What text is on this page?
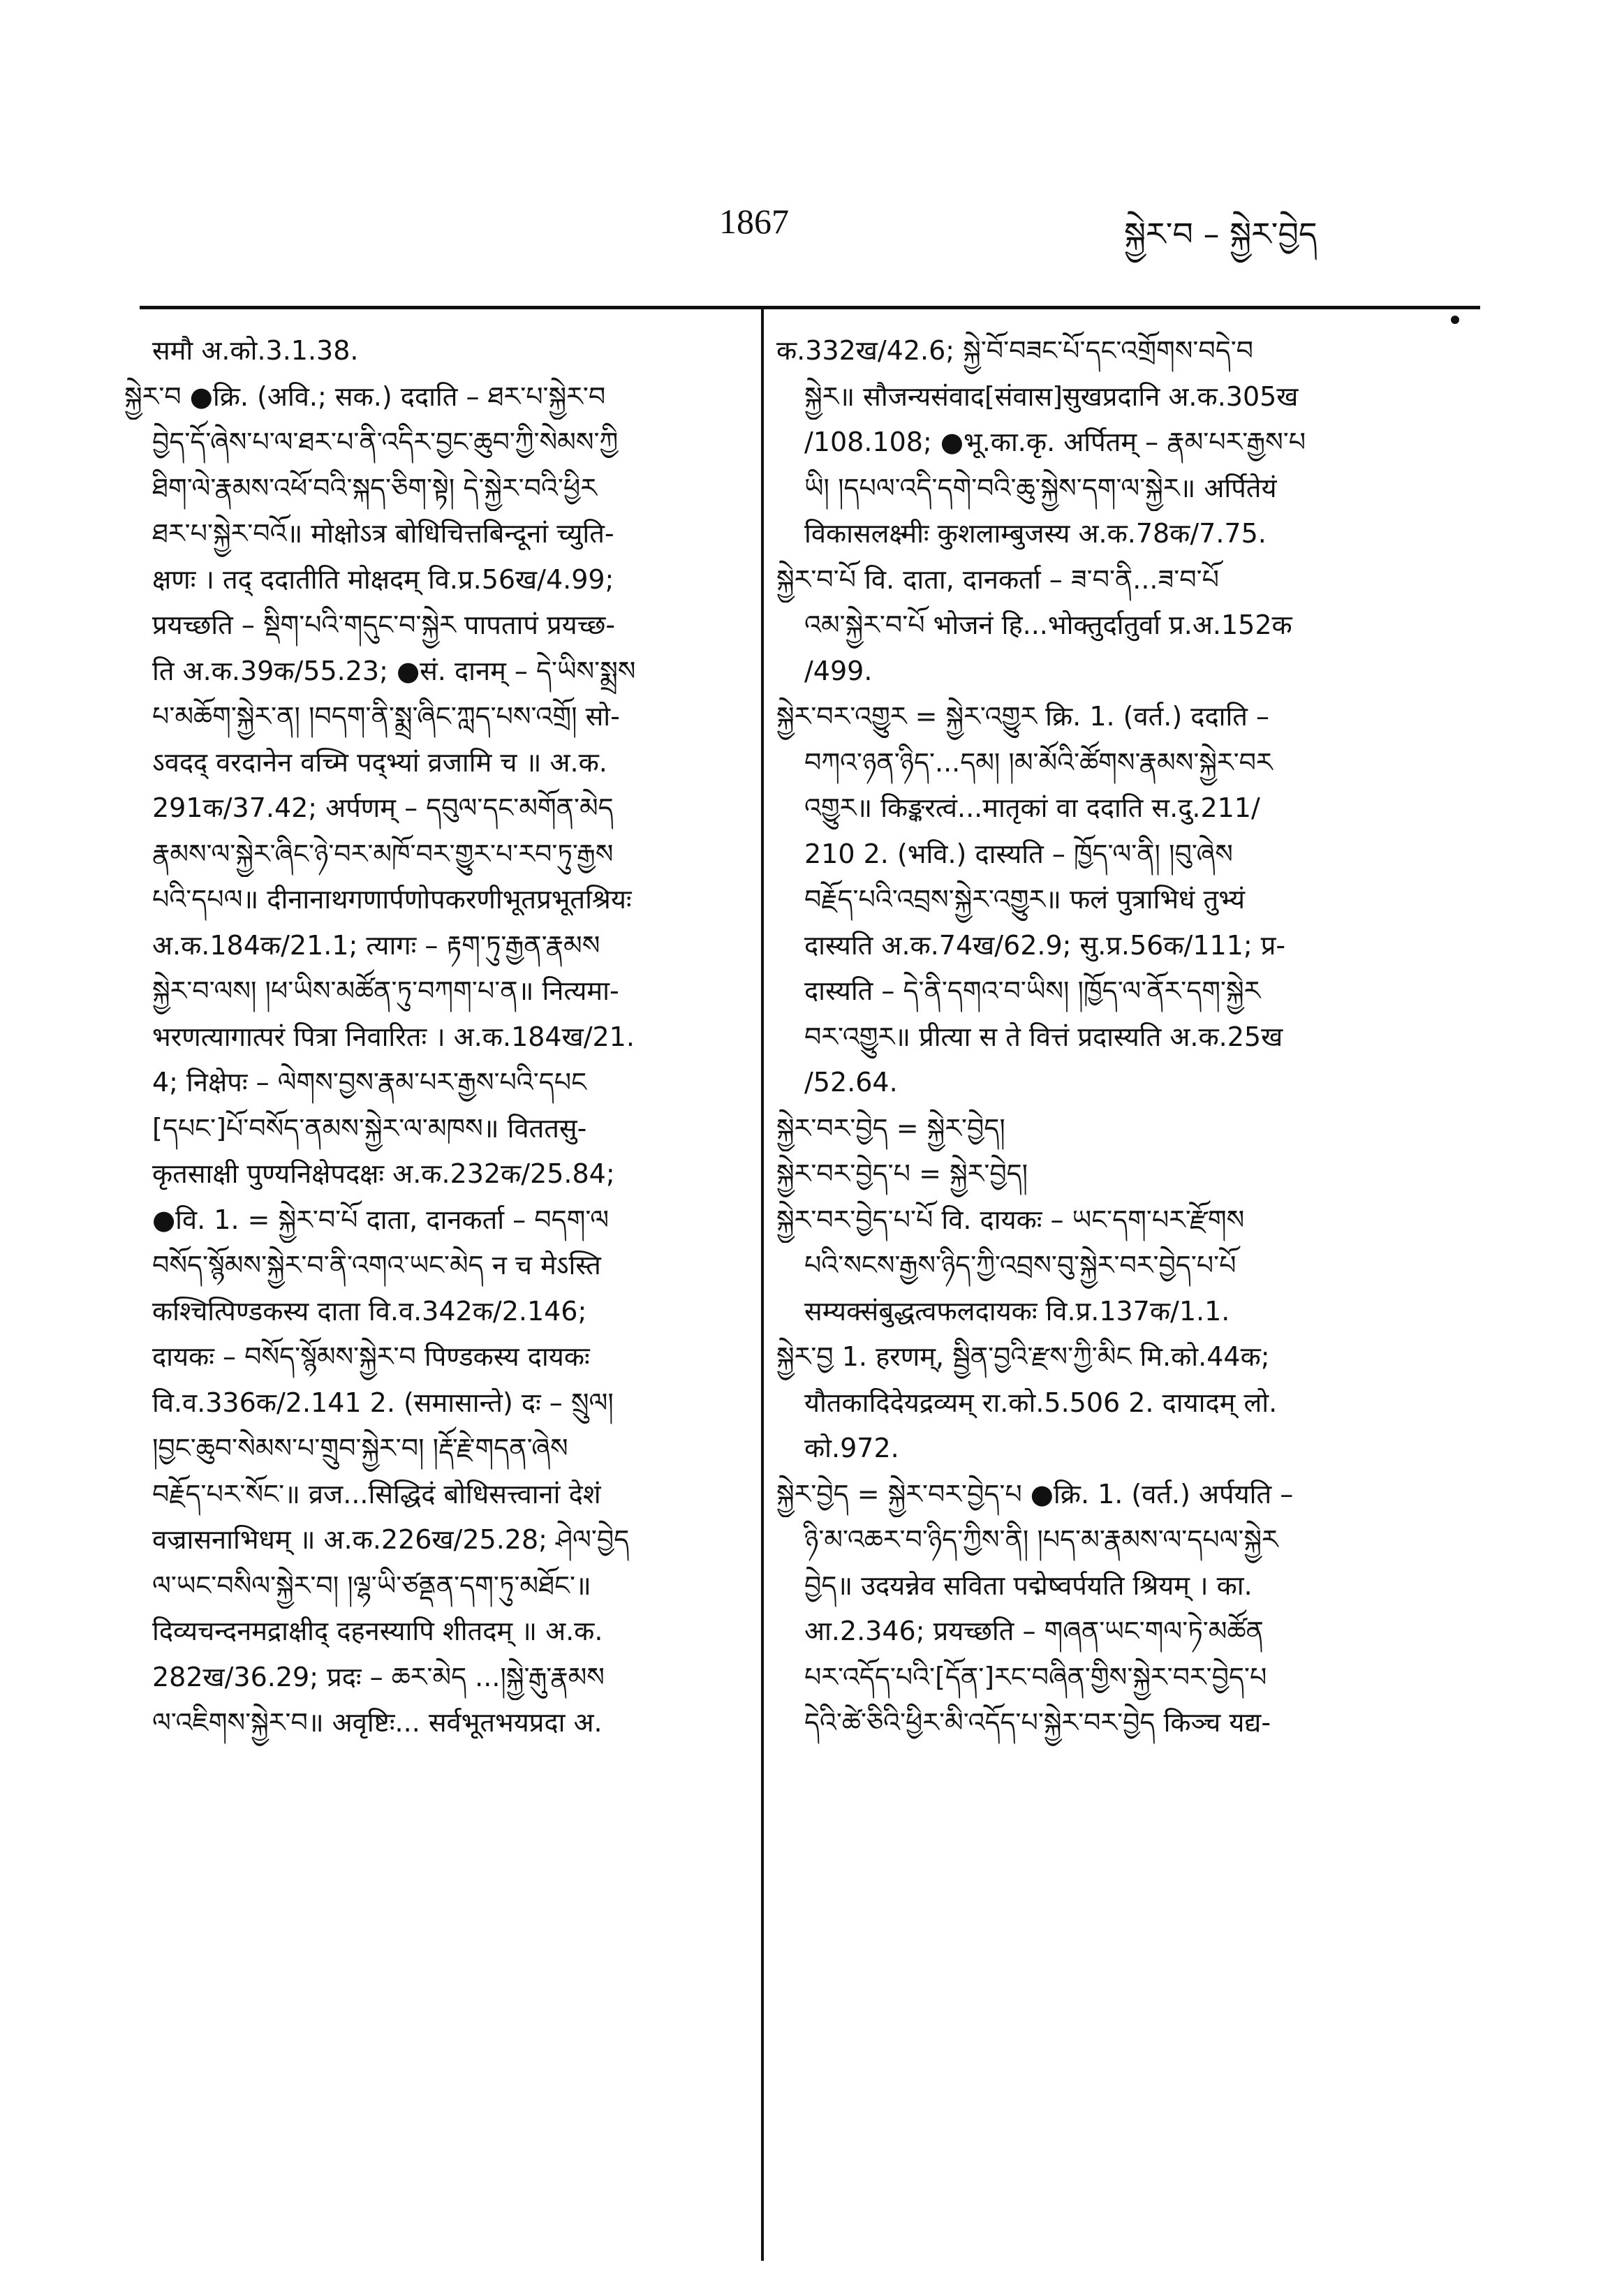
1867	སྐྱེར་བ – སྐྱེར་བྱེད
समौ अ.को.3.1.38.
སྐྱེར་བ ●क्रि. (अवि.; सक.) ददाति – ཐར་པ་སྐྱེར་བ
བྱེད་དོ་ཞེས་པ་ལ་ཐར་པ་ནི་འདིར་བྱང་ཆུབ་ཀྱི་སེམས་ཀྱི
ཐིག་ལེ་རྣམས་འཕོ་བའི་སྐད་ཅིག་སྟེ། དེ་སྐྱེར་བའི་ཕྱིར
ཐར་པ་སྐྱེར་བའོ॥ मोक्षोऽत्र बोधिचित्तबिन्दूनां च्युति-
क्षणः । तद् ददातीति मोक्षदम् वि.प्र.56ख/4.99;
प्रयच्छति – སྡིག་པའི་གདུང་བ་སྐྱེར पापतापं प्रयच्छ-
ति अ.क.39क/55.23; ●सं. दानम् – དེ་ཡིས་སྨྲས
པ་མཆོག་སྐྱེར་ན། །བདག་ནི་སྨྲ་ཞིང་ཀླད་པས་འགྲོ། सो-
ऽवदद् वरदानेन वच्मि पद्भ्यां व्रजामि च ॥ अ.क.
291क/37.42; अर्पणम् – དབུལ་དང་མགོན་མེད
རྣམས་ལ་སྐྱེར་ཞིང་ཉེ་བར་མཁོ་བར་གྱུར་པ་རབ་ཏུ་རྒྱས
པའི་དཔལ॥ दीनानाथगणार्पणोपकरणीभूतप्रभूतश्रियः
अ.क.184क/21.1; त्यागः – རྟག་ཏུ་རྒྱན་རྣམས
སྐྱེར་བ་ལས། །ཕ་ཡིས་མཚོན་ཏུ་བཀག་པ་ན॥ नित्यमा-
भरणत्यागात्परं पित्रा निवारितः । अ.क.184ख/21.
4; निक्षेपः – ལེགས་བྱས་རྣམ་པར་རྒྱས་པའི་དཔང
[དཔང་]པོ་བསོད་ནམས་སྐྱེར་ལ་མཁས॥ विततसु-
कृतसाक्षी पुण्यनिक्षेपदक्षः अ.क.232क/25.84;
●वि. 1. = སྐྱེར་བ་པོ दाता, दानकर्ता – བདག་ལ
བསོད་སྙོམས་སྐྱེར་བ་ནི་འགའ་ཡང་མེད न च मेऽस्ति
कश्चित्पिण्डकस्य दाता वि.व.342क/2.146;
दायकः – བསོད་སྙོམས་སྐྱེར་བ पिण्डकस्य दायकः
वि.व.336क/2.141 2. (समासान्ते) दः – སྲུལ།
།བྱང་ཆུབ་སེམས་པ་གྲུབ་སྐྱེར་བ། །རྡོ་རྗེ་གདན་ཞེས
བརྗོད་པར་སོང་॥ व्रज...सिद्धिदं बोधिसत्त्वानां देशं
वज्रासनाभिधम् ॥ अ.क.226ख/25.28; ཤེལ་བྱེད
ལ་ཡང་བསིལ་སྐྱེར་བ། །ལྷ་ཡི་ཙནྡན་དག་ཏུ་མཐོང་॥
दिव्यचन्दनमद्राक्षीद् दहनस्यापि शीतदम् ॥ अ.क.
282ख/36.29; प्रदः – ཆར་མེད ...།སྐྱེ་རྒུ་རྣམས
ལ་འཇིགས་སྐྱེར་བ॥ अवृष्टिः... सर्वभूतभयप्रदा अ.
क.332ख/42.6; སྐྱེ་བོ་བཟང་པོ་དང་འགྲོགས་བདེ་བ
སྐྱེར॥ सौजन्यसंवाद[संवास]सुखप्रदानि अ.क.305ख
/108.108; ●भू.का.कृ. अर्पितम् – རྣམ་པར་རྒྱས་པ
ཡི། །དཔལ་འདི་དགེ་བའི་ཆུ་སྐྱེས་དག་ལ་སྐྱེར॥ अर्पितेयं
विकासलक्ष्मीः कुशलाम्बुजस्य अ.क.78क/7.75.
སྐྱེར་བ་པོ वि. दाता, दानकर्ता – ཟ་བ་ནི...ཟ་བ་པོ
འམ་སྐྱེར་བ་པོ भोजनं हि...भोक्तुर्दातुर्वा प्र.अ.152क
/499.
སྐྱེར་བར་འགྱུར = སྐྱེར་འགྱུར क्रि. 1. (वर्त.) ददाति –
བཀའ་ཉན་ཉིད་...དམ། །མ་མོའི་ཚོགས་རྣམས་སྐྱེར་བར
འགྱུར॥ किङ्करत्वं...मातृकां वा ददाति स.दु.211/
210 2. (भवि.) दास्यति – ཁྱོད་ལ་ནི། །བུ་ཞེས
བརྗོད་པའི་འབྲས་སྐྱེར་འགྱུར॥ फलं पुत्राभिधं तुभ्यं
दास्यति अ.क.74ख/62.9; सु.प्र.56क/111; प्र-
दास्यति – དེ་ནི་དགའ་བ་ཡིས། །ཁྱོད་ལ་ནོར་དག་སྐྱེར
བར་འགྱུར॥ प्रीत्या स ते वित्तं प्रदास्यति अ.क.25ख
/52.64.
སྐྱེར་བར་བྱེད = སྐྱེར་བྱེད།
སྐྱེར་བར་བྱེད་པ = སྐྱེར་བྱེད།
སྐྱེར་བར་བྱེད་པ་པོ वि. दायकः – ཡང་དག་པར་རྫོགས
པའི་སངས་རྒྱས་ཉིད་ཀྱི་འབྲས་བུ་སྐྱེར་བར་བྱེད་པ་པོ
सम्यक्संबुद्धत्वफलदायकः वि.प्र.137क/1.1.
སྐྱེར་བྱ 1. हरणम्, སྦྱིན་བྱའི་རྫས་ཀྱི་མིང मि.को.44क;
यौतकादिदेयद्रव्यम् रा.को.5.506 2. दायादम् लो.
को.972.
སྐྱེར་བྱེད = སྐྱེར་བར་བྱེད་པ ●क्रि. 1. (वर्त.) अर्पयति –
ཉི་མ་འཆར་བ་ཉིད་ཀྱིས་ནི། །པད་མ་རྣམས་ལ་དཔལ་སྐྱེར
བྱེད॥ उदयन्नेव सविता पद्मेष्वर्पयति श्रियम् । का.
आ.2.346; प्रयच्छति – གཞན་ཡང་གལ་ཏེ་མཚོན
པར་འདོད་པའི་[དོན་]རང་བཞིན་གྱིས་སྐྱེར་བར་བྱེད་པ
དེའི་ཚེ་ཅིའི་ཕྱིར་མི་འདོད་པ་སྐྱེར་བར་བྱེད किञ्च यद्य-
